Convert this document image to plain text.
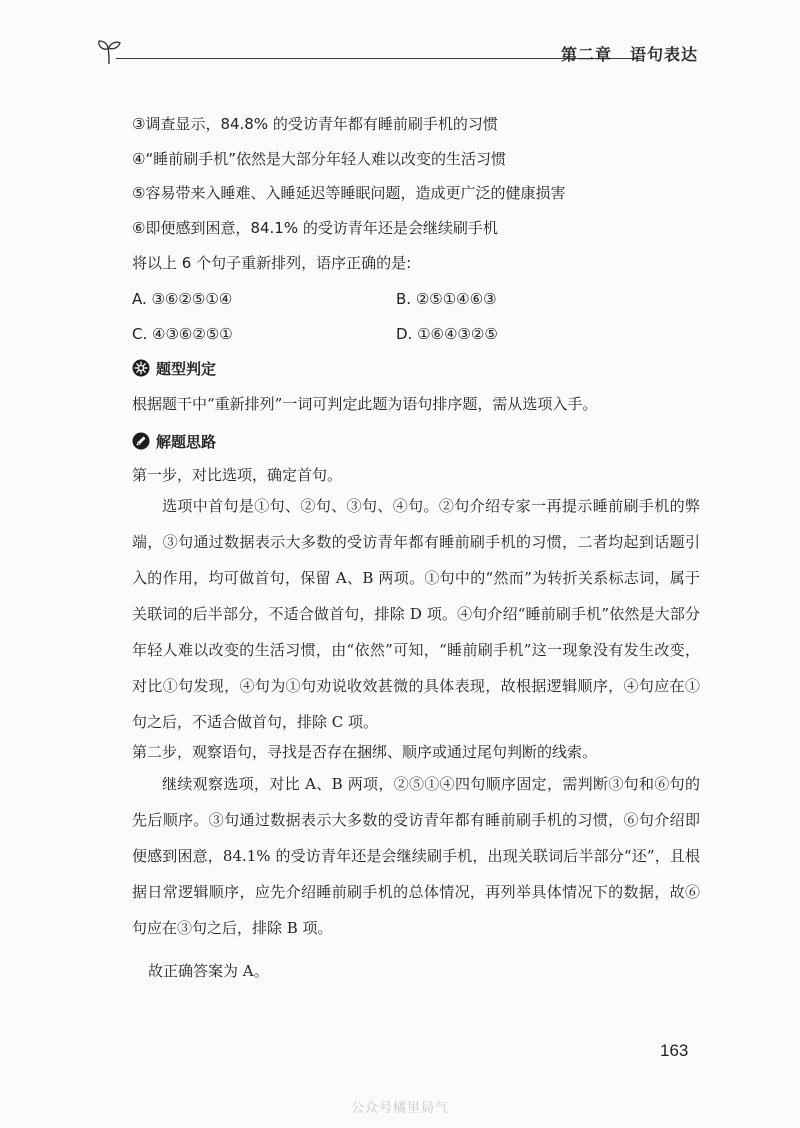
第二章 语句表达
③调查显示，84.8% 的受访青年都有睡前刷手机的习惯
④“睡前刷手机”依然是大部分年轻人难以改变的生活习惯
⑤容易带来入睡难、入睡延迟等睡眠问题，造成更广泛的健康损害
⑥即便感到困意，84.1% 的受访青年还是会继续刷手机
将以上 6 个句子重新排列，语序正确的是:
A. ③⑥②⑤①④	B. ②⑤①④⑥③
C. ④③⑥②⑤①	D. ①⑥④③②⑤
题型判定
根据题干中“重新排列”一词可判定此题为语句排序题，需从选项入手。
解题思路
第一步，对比选项，确定首句。
选项中首句是①句、②句、③句、④句。②句介绍专家一再提示睡前刷手机的弊端，③句通过数据表示大多数的受访青年都有睡前刷手机的习惯，二者均起到话题引入的作用，均可做首句，保留 A、B 两项。①句中的“然而”为转折关系标志词，属于关联词的后半部分，不适合做首句，排除 D 项。④句介绍“睡前刷手机”依然是大部分年轻人难以改变的生活习惯，由“依然”可知，“睡前刷手机”这一现象没有发生改变，对比①句发现，④句为①句劝说收效甚微的具体表现，故根据逻辑顺序，④句应在①句之后，不适合做首句，排除 C 项。
第二步，观察语句，寻找是否存在捆绑、顺序或通过尾句判断的线索。
继续观察选项，对比 A、B 两项，②⑤①④四句顺序固定，需判断③句和⑥句的先后顺序。③句通过数据表示大多数的受访青年都有睡前刷手机的习惯，⑥句介绍即便感到困意，84.1% 的受访青年还是会继续刷手机，出现关联词后半部分“还”，且根据日常逻辑顺序，应先介绍睡前刷手机的总体情况，再列举具体情况下的数据，故⑥句应在③句之后，排除 B 项。
故正确答案为 A。
163
公众号橘里局气
